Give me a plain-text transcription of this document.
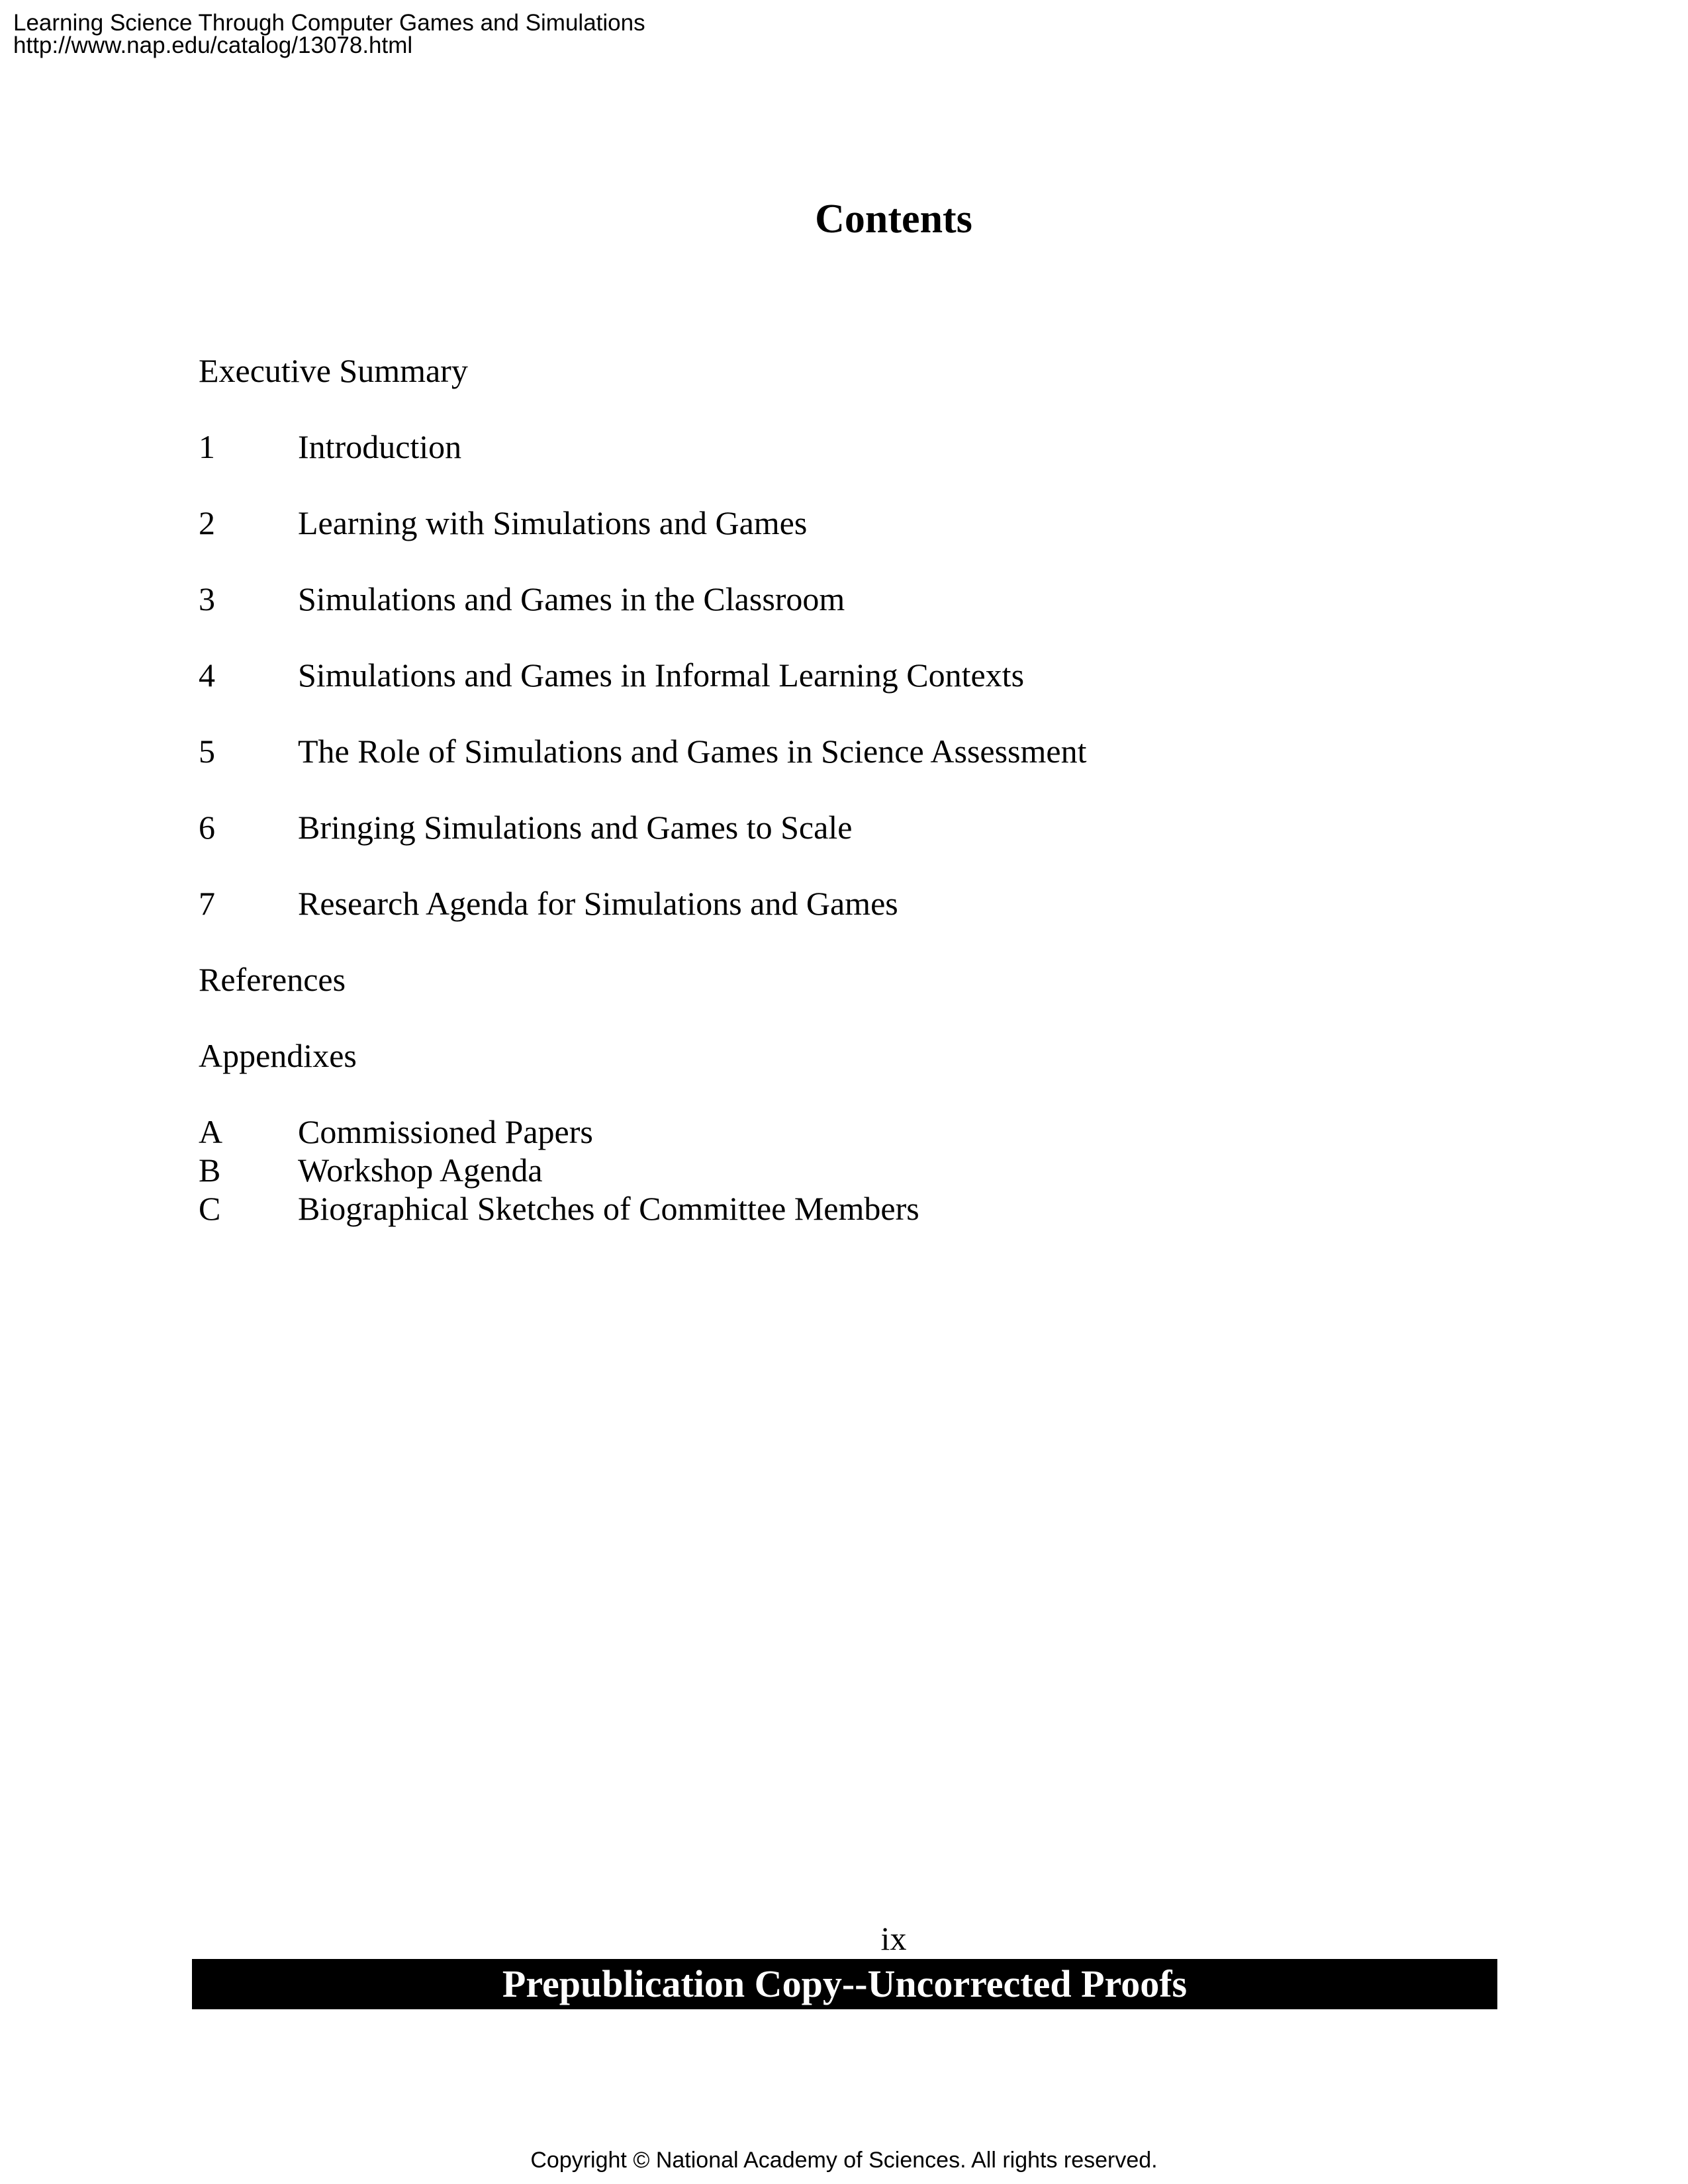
Learning Science Through Computer Games and Simulations
http://www.nap.edu/catalog/13078.html
Contents
Executive Summary
1	Introduction
2	Learning with Simulations and Games
3	Simulations and Games in the Classroom
4	Simulations and Games in Informal Learning Contexts
5	The Role of Simulations and Games in Science Assessment
6	Bringing Simulations and Games to Scale
7	Research Agenda for Simulations and Games
References
Appendixes
A Commissioned Papers
B Workshop Agenda
C Biographical Sketches of Committee Members
ix
Prepublication Copy--Uncorrected Proofs
Copyright © National Academy of Sciences. All rights reserved.
